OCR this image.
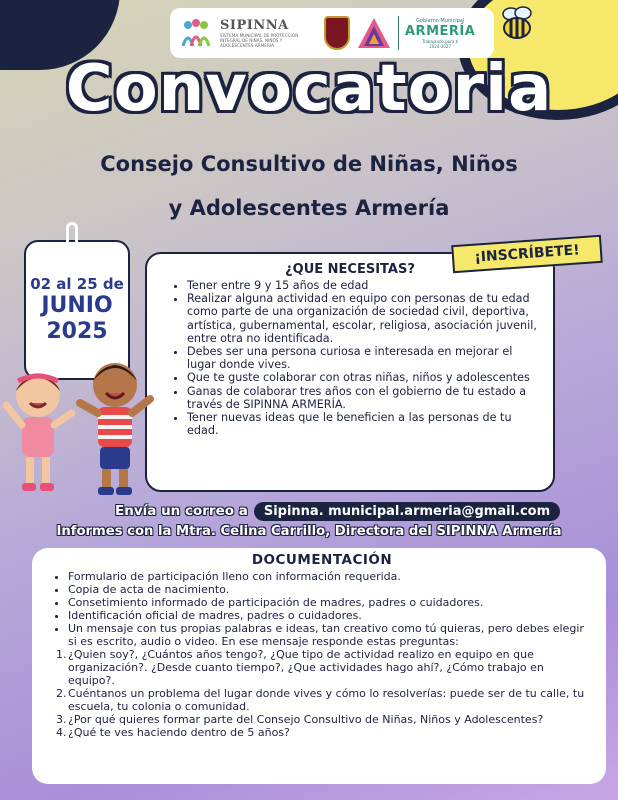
SIPINNA
SISTEMA MUNICIPAL DE PROTECCIÓN INTEGRAL DE NIÑAS, NIÑOS Y ADOLESCENTES ARMERÍA.
Gobierno Municipal
ARMERÍA
Trabajando para ti
2024-2027
Convocatoria
Consejo Consultivo de Niñas, Niños
y Adolescentes Armería
02 al 25 de
JUNIO
2025
¿QUE NECESITAS?
• Tener entre 9 y 15 años de edad
• Realizar alguna actividad en equipo con personas de tu edad como parte de una organización de sociedad civil, deportiva, artística, gubernamental, escolar, religiosa, asociación juvenil, entre otra no identificada.
• Debes ser una persona curiosa e interesada en mejorar el lugar donde vives.
• Que te guste colaborar con otras niñas, niños y adolescentes
• Ganas de colaborar tres años con el gobierno de tu estado a través de SIPINNA ARMERÍA.
• Tener nuevas ideas que le beneficien a las personas de tu edad.
¡INSCRÍBETE!
Envía un correo a	Sipinna. municipal.armeria@gmail.com
Informes con la Mtra. Celina Carrillo, Directora del SIPINNA Armería
DOCUMENTACIÓN
• Formulario de participación lleno con información requerida.
• Copia de acta de nacimiento.
• Consetimiento informado de participación de madres, padres o cuidadores.
• Identificación oficial de madres, padres o cuidadores.
• Un mensaje con tus propias palabras e ideas, tan creativo como tú quieras, pero debes elegir si es escrito, audio o video. En ese mensaje responde estas preguntas:
1. ¿Quien soy?, ¿Cuántos años tengo?, ¿Que tipo de actividad realizo en equipo en que organización?. ¿Desde cuanto tiempo?, ¿Que actividades hago ahí?, ¿Cómo trabajo en equipo?.
2. Cuéntanos un problema del lugar donde vives y cómo lo resolverías: puede ser de tu calle, tu escuela, tu colonia o comunidad.
3. ¿Por qué quieres formar parte del Consejo Consultivo de Niñas, Niños y Adolescentes?
4. ¿Qué te ves haciendo dentro de 5 años?
